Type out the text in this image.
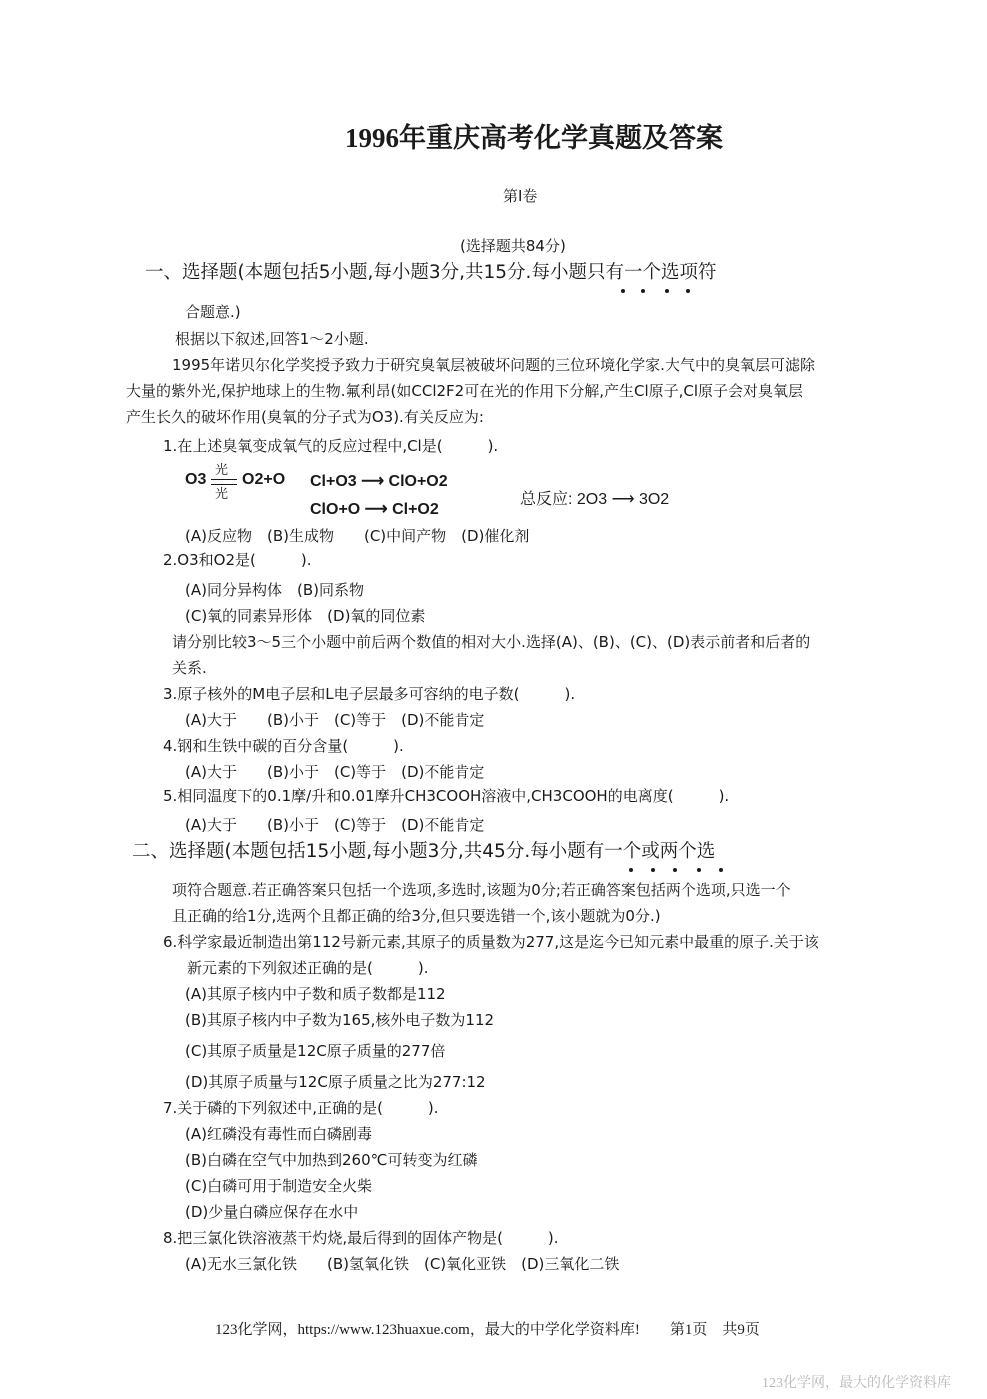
1996年重庆高考化学真题及答案
第I卷
(选择题共84分)
一、选择题(本题包括5小题,每小题3分,共15分.每小题只有一个选项符
合题意.)
根据以下叙述,回答1～2小题.
1995年诺贝尔化学奖授予致力于研究臭氧层被破坏问题的三位环境化学家.大气中的臭氧层可滤除
大量的紫外光,保护地球上的生物.氟利昂(如CCl2F2可在光的作用下分解,产生Cl原子,Cl原子会对臭氧层
产生长久的破坏作用(臭氧的分子式为O3).有关反应为:
1.在上述臭氧变成氧气的反应过程中,Cl是(　　　).
O3
光
光
O2+O Cl+O3 ⟶ ClO+O2
ClO+O ⟶ Cl+O2
总反应: 2O3 ⟶ 3O2
(A)反应物　(B)生成物　　(C)中间产物　(D)催化剂
2.O3和O2是(　　　).
(A)同分异构体　(B)同系物
(C)氧的同素异形体　(D)氧的同位素
请分别比较3～5三个小题中前后两个数值的相对大小.选择(A)、(B)、(C)、(D)表示前者和后者的
关系.
3.原子核外的M电子层和L电子层最多可容纳的电子数(　　　).
(A)大于　　(B)小于　(C)等于　(D)不能肯定
4.钢和生铁中碳的百分含量(　　　).
(A)大于　　(B)小于　(C)等于　(D)不能肯定
5.相同温度下的0.1摩/升和0.01摩升CH3COOH溶液中,CH3COOH的电离度(　　　).
(A)大于　　(B)小于　(C)等于　(D)不能肯定
二、选择题(本题包括15小题,每小题3分,共45分.每小题有一个或两个选
项符合题意.若正确答案只包括一个选项,多选时,该题为0分;若正确答案包括两个选项,只选一个
且正确的给1分,选两个且都正确的给3分,但只要选错一个,该小题就为0分.)
6.科学家最近制造出第112号新元素,其原子的质量数为277,这是迄今已知元素中最重的原子.关于该
新元素的下列叙述正确的是(　　　).
(A)其原子核内中子数和质子数都是112
(B)其原子核内中子数为165,核外电子数为112
(C)其原子质量是12C原子质量的277倍
(D)其原子质量与12C原子质量之比为277:12
7.关于磷的下列叙述中,正确的是(　　　).
(A)红磷没有毒性而白磷剧毒
(B)白磷在空气中加热到260℃可转变为红磷
(C)白磷可用于制造安全火柴
(D)少量白磷应保存在水中
8.把三氯化铁溶液蒸干灼烧,最后得到的固体产物是(　　　).
(A)无水三氯化铁　　(B)氢氧化铁　(C)氧化亚铁　(D)三氧化二铁
123化学网，https://www.123huaxue.com，最大的中学化学资料库!　　第1页　共9页
123化学网，最大的化学资料库
